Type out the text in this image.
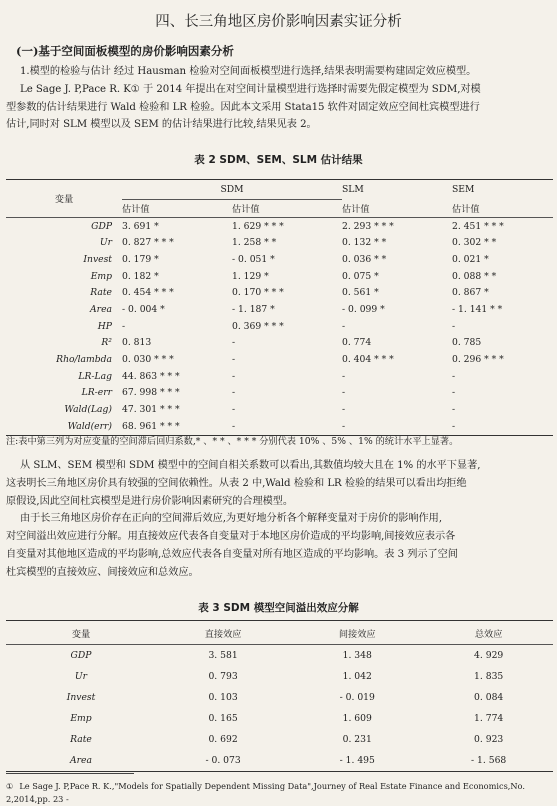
四、长三角地区房价影响因素实证分析
(一)基于空间面板模型的房价影响因素分析

1.模型的检验与估计 经过 Hausman 检验对空间面板模型进行选择,结果表明需要构建固定效应模型。

Le Sage J. P,Pace R. K① 于 2014 年提出在对空间计量模型进行选择时需要先假定模型为 SDM,对模

型参数的估计结果进行 Wald 检验和 LR 检验。因此本文采用 Stata15 软件对固定效应空间杜宾模型进行

估计,同时对 SLM 模型以及 SEM 的估计结果进行比较,结果见表 2。

表 2 SDM、SEM、SLM 估计结果
变量	SDM		SLM	SEM
	估计值	估计值	估计值	估计值
GDP	3. 691 *	1. 629 * * *	2. 293 * * *	2. 451 * * *
Ur	0. 827 * * *	1. 258 * *	0. 132 * *	0. 302 * *
Invest	0. 179 *	- 0. 051 *	0. 036 * *	0. 021 *
Emp	0. 182 *	1. 129 *	0. 075 *	0. 088 * *
Rate	0. 454 * * *	0. 170 * * *	0. 561 *	0. 867 *
Area	- 0. 004 *	- 1. 187 *	- 0. 099 *	- 1. 141 * *
HP	-	0. 369 * * *	-	-
R²	0. 813	-	0. 774	0. 785
Rho/lambda	0. 030 * * *	-	0. 404 * * *	0. 296 * * *
LR-Lag	44. 863 * * *	-	-	-
LR-err	67. 998 * * *	-	-	-
Wald(Lag)	47. 301 * * *	-	-	-
Wald(err)	68. 961 * * *	-	-	-
注:表中第三列为对应变量的空间滞后回归系数,* 、* * 、* * * 分别代表 10% 、5% 、1% 的统计水平上显著。

从 SLM、SEM 模型和 SDM 模型中的空间自相关系数可以看出,其数值均较大且在 1% 的水平下显著,

这表明长三角地区房价具有较强的空间依赖性。从表 2 中,Wald 检验和 LR 检验的结果可以看出均拒绝

原假设,因此空间杜宾模型是进行房价影响因素研究的合理模型。

由于长三角地区房价存在正向的空间滞后效应,为更好地分析各个解释变量对于房价的影响作用,

对空间溢出效应进行分解。用直接效应代表各自变量对于本地区房价造成的平均影响,间接效应表示各

自变量对其他地区造成的平均影响,总效应代表各自变量对所有地区造成的平均影响。表 3 列示了空间

杜宾模型的直接效应、间接效应和总效应。

表 3 SDM 模型空间溢出效应分解
变量	直接效应	间接效应	总效应
GDP	3. 581	1. 348	4. 929
Ur	0. 793	1. 042	1. 835
Invest	0. 103	- 0. 019	0. 084
Emp	0. 165	1. 609	1. 774
Rate	0. 692	0. 231	0. 923
Area	- 0. 073	- 1. 495	- 1. 568
① Le Sage J. P,Pace R. K.,"Models for Spatially Dependent Missing Data",Journey of Real Estate Finance and Economics,No. 2,2014,pp. 23 -
